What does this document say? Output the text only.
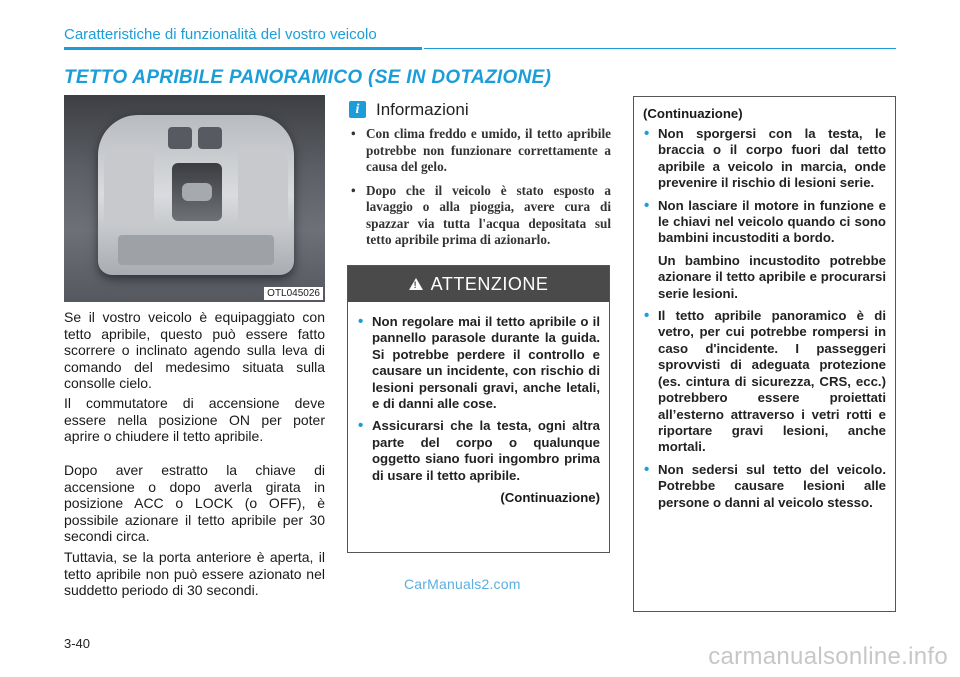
Caratteristiche di funzionalità del vostro veicolo
TETTO APRIBILE PANORAMICO (SE IN DOTAZIONE)
OTL045026
Se il vostro veicolo è equipaggiato con tetto apribile, questo può essere fatto scorrere o inclinato agendo sulla leva di comando del medesimo situata sulla consolle cielo.
Il commutatore di accensione deve essere nella posizione ON per poter aprire o chiudere il tetto apribile.
Dopo aver estratto la chiave di accensione o dopo averla girata in posizione ACC o LOCK (o OFF), è possibile azionare il tetto apribile per 30 secondi circa.
Tuttavia, se la porta anteriore è aperta, il tetto apribile non può essere azionato nel suddetto periodo di 30 secondi.
i Informazioni
• Con clima freddo e umido, il tetto apribile potrebbe non funzionare correttamente a causa del gelo.
• Dopo che il veicolo è stato esposto a lavaggio o alla pioggia, avere cura di spazzar via tutta l'acqua depositata sul tetto apribile prima di azionarlo.
! ATTENZIONE
• Non regolare mai il tetto apribile o il pannello parasole durante la guida. Si potrebbe perdere il controllo e causare un incidente, con rischio di lesioni personali gravi, anche letali, e di danni alle cose.
• Assicurarsi che la testa, ogni altra parte del corpo o qualunque oggetto siano fuori ingombro prima di usare il tetto apribile.
(Continuazione)
(Continuazione)
• Non sporgersi con la testa, le braccia o il corpo fuori dal tetto apribile a veicolo in marcia, onde prevenire il rischio di lesioni serie.
• Non lasciare il motore in funzione e le chiavi nel veicolo quando ci sono bambini incustoditi a bordo.
Un bambino incustodito potrebbe azionare il tetto apribile e procurarsi serie lesioni.
• Il tetto apribile panoramico è di vetro, per cui potrebbe rompersi in caso d'incidente. I passeggeri sprovvisti di adeguata protezione (es. cintura di sicurezza, CRS, ecc.) potrebbero essere proiettati all’esterno attraverso i vetri rotti e riportare gravi lesioni, anche mortali.
• Non sedersi sul tetto del veicolo. Potrebbe causare lesioni alle persone o danni al veicolo stesso.
CarManuals2.com
3-40	carmanualsonline.info
